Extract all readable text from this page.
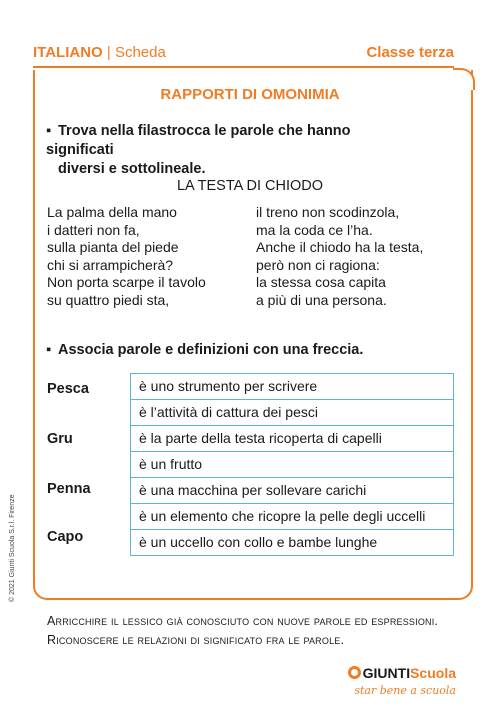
ITALIANO | Scheda	Classe terza
RAPPORTI DI OMONIMIA
▪ Trova nella filastrocca le parole che hanno significati
diversi e sottolineale.
LA TESTA DI CHIODO
La palma della mano
i datteri non fa,
sulla pianta del piede
chi si arrampicherà?
Non porta scarpe il tavolo
su quattro piedi sta,
il treno non scodinzola,
ma la coda ce l’ha.
Anche il chiodo ha la testa,
però non ci ragiona:
la stessa cosa capita
a più di una persona.
▪ Associa parole e definizioni con una freccia.
Pesca
Gru
Penna
Capo
è uno strumento per scrivere
è l’attività di cattura dei pesci
è la parte della testa ricoperta di capelli
è un frutto
è una macchina per sollevare carichi
è un elemento che ricopre la pelle degli uccelli
è un uccello con collo e bambe lunghe
Arricchire il lessico già conosciuto con nuove parole ed espressioni. Riconoscere le relazioni di significato fra le parole.
© 2021 Giunti Scuola S.r.l. Firenze
GIUNTIScuola
star bene a scuola
